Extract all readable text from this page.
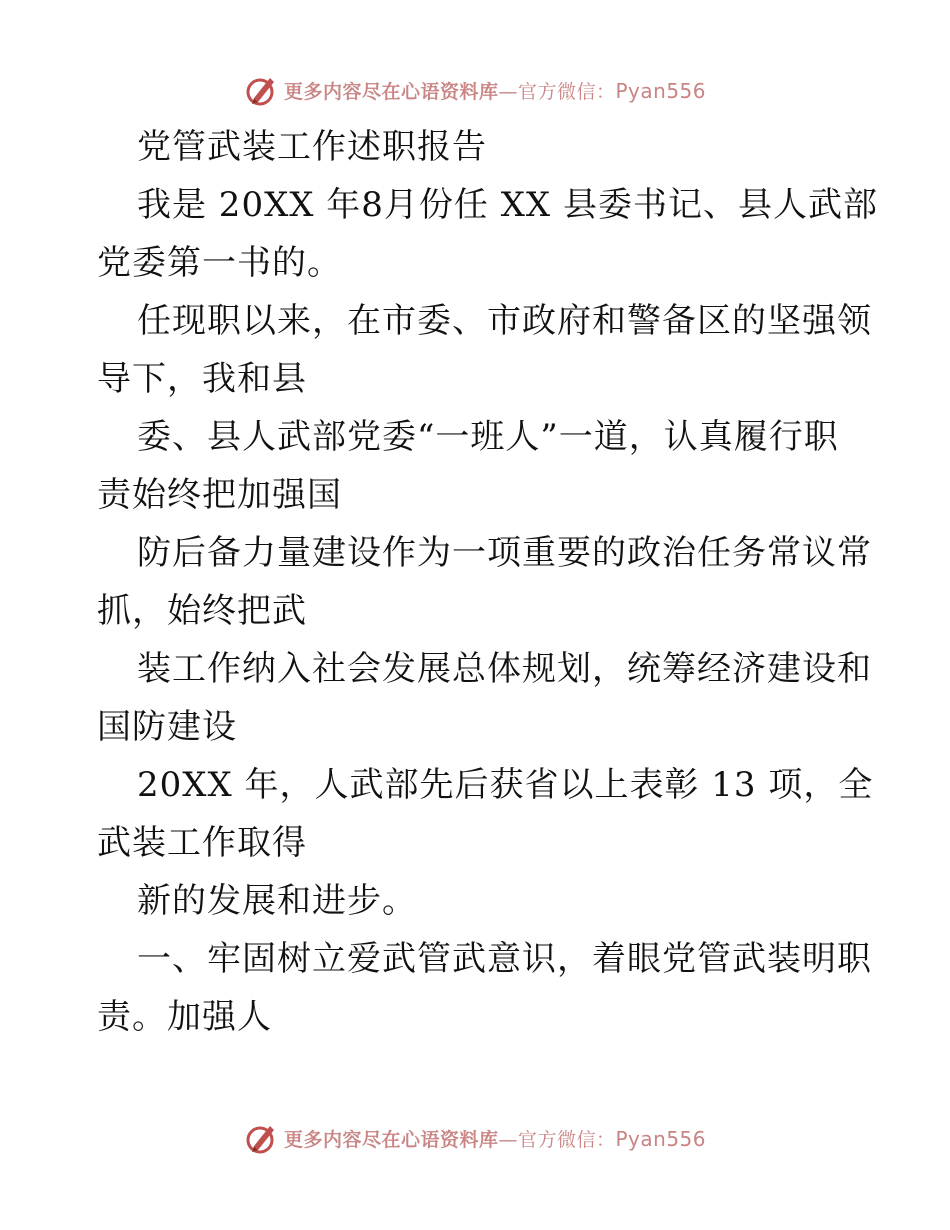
更多内容尽在心语资料库—官方微信：Pyan556
党管武装工作述职报告
我是 20XX 年8月份任 XX 县委书记、县人武部
党委第一书的。
任现职以来，在市委、市政府和警备区的坚强领
导下，我和县
委、县人武部党委“一班人”一道，认真履行职
责始终把加强国
防后备力量建设作为一项重要的政治任务常议常
抓，始终把武
装工作纳入社会发展总体规划，统筹经济建设和
国防建设
20XX 年，人武部先后获省以上表彰 13 项，全
武装工作取得
新的发展和进步。
一、牢固树立爱武管武意识，着眼党管武装明职
责。加强人
更多内容尽在心语资料库—官方微信：Pyan556
